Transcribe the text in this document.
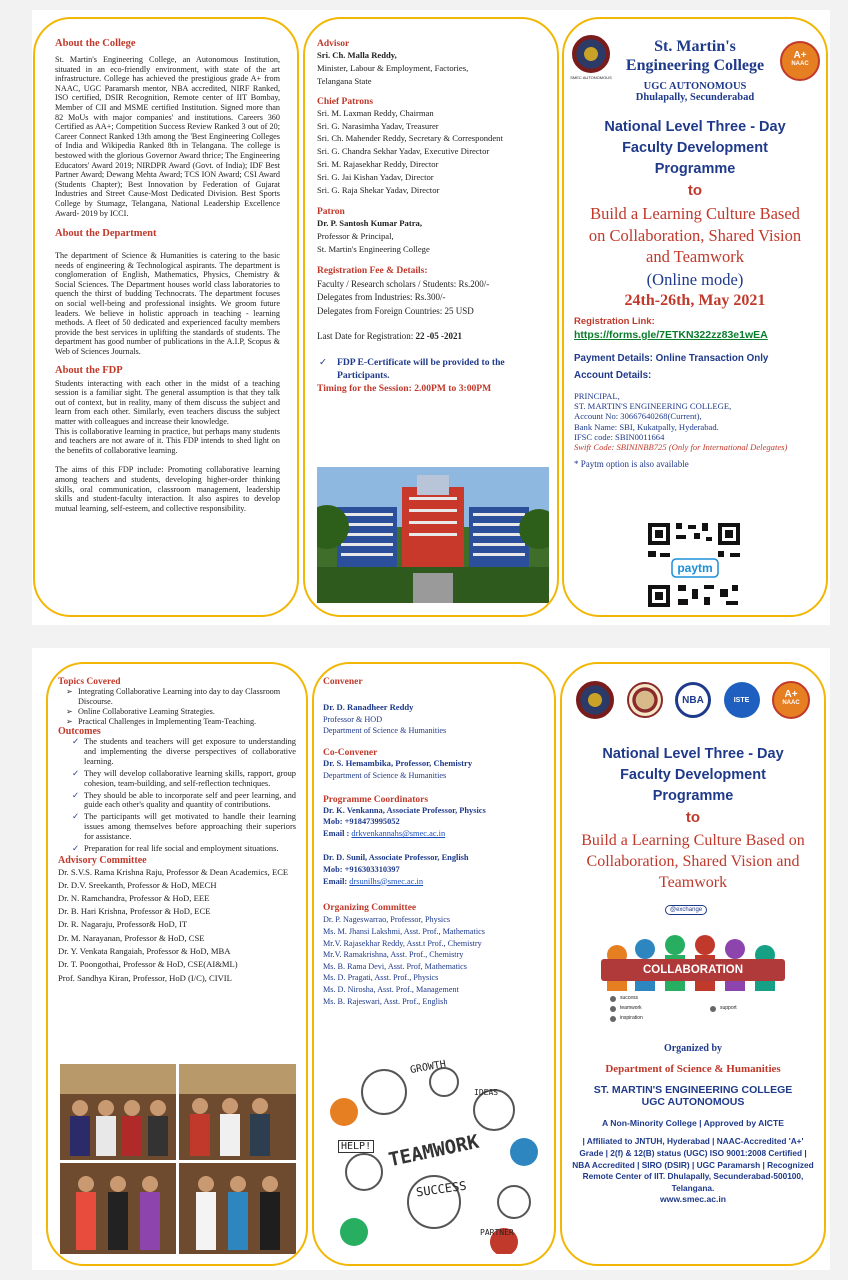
About the College

St. Martin's Engineering College, an Autonomous Institution, situated in an eco-friendly environment, with state of the art infrastructure. College has achieved the prestigious grade A+ from NAAC, UGC Paramarsh mentor, NBA accredited, NIRF Ranked, ISO certified, DSIR Recognition, Remote center of IIT Bombay, Member of CII and MSME certified Institution. Signed more than 82 MoUs with major companies' and institutions. Careers 360 Certified as AA+; Competition Success Review Ranked 3 out of 20; Career Connect Ranked 13th among the 'Best Engineering Colleges of India and Wikipedia Ranked 8th in Telangana. The college is bestowed with the glorious Governor Award thrice; The Engineering Educators' Award 2019; NIRDPR Award (Govt. of India); IDF Best Partner Award; Dewang Mehta Award; TCS ION Award; CSI Award (Students Chapter); Best Innovation by Federation of Gujarat Industries and Street Cause-Most Dedicated Division. Best Sports College by Stumagz, Telangana, National Leadership Excellence Award- 2019 by ICCI.

About the Department

The department of Science & Humanities is catering to the basic needs of engineering & Technological aspirants. The department is conglomeration of English, Mathematics, Physics, Chemistry & Social Sciences. The Department houses world class laboratories to quench the thirst of budding Technocrats. The department focuses on social well-being and professional insights. We groom future leaders. We believe in holistic approach in teaching - learning methods. A fleet of 50 dedicated and experienced faculty members provide the best services in uplifting the standards of students. The department has good number of publications in the A.I.P, Scopus & Web of Sciences Journals.

About the FDP

Students interacting with each other in the midst of a teaching session is a familiar sight. The general assumption is that they talk out of context, but in reality, many of them discuss the subject and learn from each other. Similarly, even teachers discuss the subject matter with colleagues and increase their knowledge.

This is collaborative learning in practice, but perhaps many students and teachers are not aware of it. This FDP intends to shed light on the benefits of collaborative learning.

The aims of this FDP include: Promoting collaborative learning among teachers and students, developing higher-order thinking skills, oral communication, classroom management, leadership skills and student-faculty interaction. It also aspires to develop mutual learning, self-esteem, and collective responsibility.

Advisor
Sri. Ch. Malla Reddy,
Minister, Labour & Employment, Factories,
Telangana State
Chief Patrons
Sri. M. Laxman Reddy, Chairman
Sri. G. Narasimha Yadav, Treasurer
Sri. Ch. Mahender Reddy, Secretary & Correspondent
Sri. G. Chandra Sekhar Yadav, Executive Director
Sri. M. Rajasekhar Reddy, Director
Sri. G. Jai Kishan Yadav, Director
Sri. G. Raja Shekar Yadav, Director
Patron
Dr. P. Santosh Kumar Patra,
Professor & Principal,
St. Martin's Engineering College
Registration Fee & Details:
Faculty / Research scholars / Students: Rs.200/-
Delegates from Industries: Rs.300/-
Delegates from Foreign Countries: 25 USD
Last Date for Registration: 22 -05 -2021
✓	FDP E-Certificate will be provided to the Participants.
Timing for the Session: 2.00PM to 3:00PM
SMEC AUTONOMOUS
A+
NAAC
St. Martin's
Engineering College
UGC AUTONOMOUS
Dhulapally, Secunderabad
National Level Three - Day Faculty Development Programme
to
Build a Learning Culture Based on Collaboration, Shared Vision and Teamwork
(Online mode)
24th-26th, May 2021
Registration Link:
https://forms.gle/7ETKN322zz83e1wEA
Payment Details: Online Transaction Only
Account Details:
PRINCIPAL,
ST. MARTIN'S ENGINEERING COLLEGE,
Account No: 30667640268(Current),
Bank Name: SBI, Kukatpally, Hyderabad.
IFSC code: SBIN0011664
Swift Code: SBININBB725 (Only for International Delegates)
* Paytm option is also available
paytm
Topics Covered
➢ Integrating Collaborative Learning into day to day Classroom Discourse.
➢ Online Collaborative Learning Strategies.
➢ Practical Challenges in Implementing Team-Teaching.
Outcomes
✓ The students and teachers will get exposure to understanding and implementing the diverse perspectives of collaborative learning.
✓ They will develop collaborative learning skills, rapport, group cohesion, team-building, and self-reflection techniques.
✓ They should be able to incorporate self and peer learning, and guide each other's quality and quantity of contributions.
✓ The participants will get motivated to handle their learning issues among themselves before approaching their superiors for assistance.
✓ Preparation for real life social and employment situations.
Advisory Committee
Dr. S.V.S. Rama Krishna Raju, Professor & Dean Academics, ECE
Dr. D.V. Sreekanth, Professor & HoD, MECH
Dr. N. Ramchandra, Professor & HoD, EEE
Dr. B. Hari Krishna, Professor & HoD, ECE
Dr. R. Nagaraju, Professor& HoD, IT
Dr. M. Narayanan, Professor & HoD, CSE
Dr. Y. Venkata Rangaiah, Professor & HoD, MBA
Dr. T. Poongothai, Professor & HoD, CSE(AI&ML)
Prof. Sandhya Kiran, Professor, HoD (I/C), CIVIL
Convener
Dr. D. Ranadheer Reddy
Professor & HOD
Department of Science & Humanities
Co-Convener
Dr. S. Hemambika, Professor, Chemistry
Department of Science & Humanities
Programme Coordinators
Dr. K. Venkanna, Associate Professor, Physics
Mob: +918473995052
Email : drkvenkannahs@smec.ac.in
Dr. D. Sunil, Associate Professor, English
Mob: +916303310397
Email: drsunilhs@smec.ac.in
Organizing Committee
Dr. P. Nageswarrao, Professor, Physics
Ms. M. Jhansi Lakshmi, Asst. Prof., Mathematics
Mr.V. Rajasekhar Reddy, Asst.t Prof., Chemistry
Mr.V. Ramakrishna, Asst. Prof., Chemistry
Ms. B. Rama Devi, Asst. Prof, Mathematics
Ms. D. Pragati, Asst. Prof., Physics
Ms. D. Nirosha, Asst. Prof., Management
Ms. B. Rajeswari, Asst. Prof., English
GROWTH
HELP! TEAMWORK
SUCCESS
IDEAS
PARTNER
NBA	ISTE	A+
NAAC
National Level Three - Day Faculty Development Programme
to
Build a Learning Culture Based on Collaboration, Shared Vision and Teamwork
@exchange
COLLABORATION
success
teamwork	support
inspiration
Organized by
Department of Science & Humanities
ST. MARTIN'S ENGINEERING COLLEGE
UGC AUTONOMOUS
A Non-Minority College | Approved by AICTE
| Affiliated to JNTUH, Hyderabad | NAAC-Accredited 'A+' Grade | 2(f) & 12(B) status (UGC) ISO 9001:2008 Certified | NBA Accredited | SIRO (DSIR) | UGC Paramarsh | Recognized Remote Center of IIT. Dhulapally, Secunderabad-500100, Telangana.
www.smec.ac.in
